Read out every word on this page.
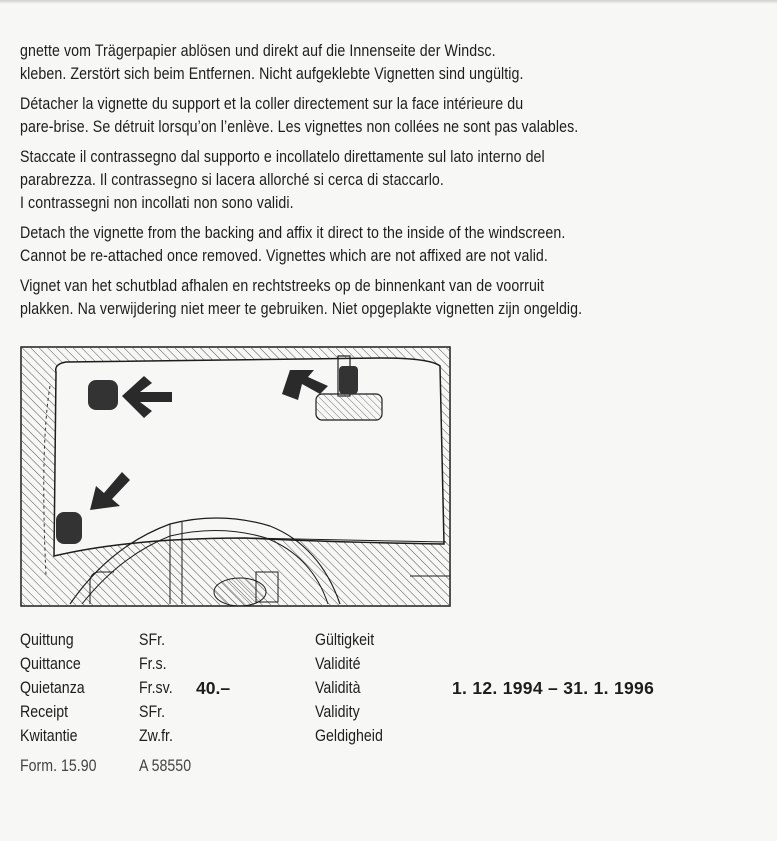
gnette vom Trägerpapier ablösen und direkt auf die Innenseite der Windsc.
kleben. Zerstört sich beim Entfernen. Nicht aufgeklebte Vignetten sind ungültig.

Détacher la vignette du support et la coller directement sur la face intérieure du
pare-brise. Se détruit lorsqu’on l’enlève. Les vignettes non collées ne sont pas valables.

Staccate il contrassegno dal supporto e incollatelo direttamente sul lato interno del
parabrezza. Il contrassegno si lacera allorché si cerca di staccarlo.
I contrassegni non incollati non sono validi.

Detach the vignette from the backing and affix it direct to the inside of the windscreen.
Cannot be re-attached once removed. Vignettes which are not affixed are not valid.

Vignet van het schutblad afhalen en rechtstreeks op de binnenkant van de voorruit
plakken. Na verwijdering niet meer te gebruiken. Niet opgeplakte vignetten zijn ongeldig.

Quittung
Quittance
Quietanza
Receipt
Kwitantie
Form. 15.90
SFr.
Fr.s.
Fr.sv.
SFr.
Zw.fr.
A 58550
40.–
Gültigkeit
Validité
Validità
Validity
Geldigheid
1. 12. 1994 – 31. 1. 1996
